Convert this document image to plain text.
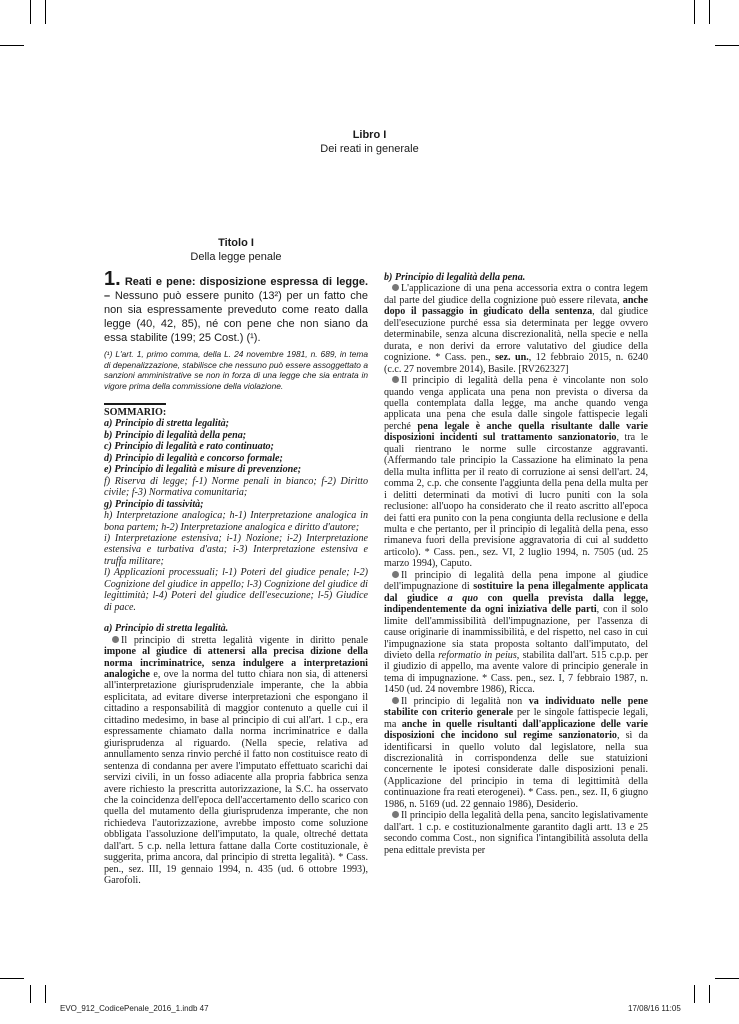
Libro I
Dei reati in generale
Titolo I
Della legge penale

1. Reati e pene: disposizione espressa di legge. – Nessuno può essere punito (13²) per un fatto che non sia espressamente preveduto come reato dalla legge (40, 42, 85), né con pene che non siano da essa stabilite (199; 25 Cost.) (¹).

(¹) L'art. 1, primo comma, della L. 24 novembre 1981, n. 689, in tema di depenalizzazione, stabilisce che nessuno può essere assoggettato a sanzioni amministrative se non in forza di una legge che sia entrata in vigore prima della commissione della violazione.

SOMMARIO:

a) Principio di stretta legalità;

b) Principio di legalità della pena;

c) Principio di legalità e rato continuato;

d) Principio di legalità e concorso formale;

e) Principio di legalità e misure di prevenzione;

f) Riserva di legge; f-1) Norme penali in bianco; f-2) Diritto civile; f-3) Normativa comunitaria;

g) Principio di tassività;

h) Interpretazione analogica; h-1) Interpretazione analogica in bona partem; h-2) Interpretazione analogica e diritto d'autore;

i) Interpretazione estensiva; i-1) Nozione; i-2) Interpretazione estensiva e turbativa d'asta; i-3) Interpretazione estensiva e truffa militare;

l) Applicazioni processuali; l-1) Poteri del giudice penale; l-2) Cognizione del giudice in appello; l-3) Cognizione del giudice di legittimità; l-4) Poteri del giudice dell'esecuzione; l-5) Giudice di pace.

a) Principio di stretta legalità.

Il principio di stretta legalità vigente in diritto penale impone al giudice di attenersi alla precisa dizione della norma incriminatrice, senza indulgere a interpretazioni analogiche e, ove la norma del tutto chiara non sia, di attenersi all'interpretazione giurisprudenziale imperante, che la abbia esplicitata, ad evitare diverse interpretazioni che espongano il cittadino a responsabilità di maggior contenuto a quelle cui il cittadino medesimo, in base al principio di cui all'art. 1 c.p., era espressamente chiamato dalla norma incriminatrice e dalla giurisprudenza al riguardo. (Nella specie, relativa ad annullamento senza rinvio perché il fatto non costituisce reato di sentenza di condanna per avere l'imputato effettuato scarichi dai servizi civili, in un fosso adiacente alla propria fabbrica senza avere richiesto la prescritta autorizzazione, la S.C. ha osservato che la coincidenza dell'epoca dell'accertamento dello scarico con quella del mutamento della giurisprudenza imperante, che non richiedeva l'autorizzazione, avrebbe imposto come soluzione obbligata l'assoluzione dell'imputato, la quale, oltreché dettata dall'art. 5 c.p. nella lettura fattane dalla Corte costituzionale, è suggerita, prima ancora, dal principio di stretta legalità). * Cass. pen., sez. III, 19 gennaio 1994, n. 435 (ud. 6 ottobre 1993), Garofoli.

b) Principio di legalità della pena.

L'applicazione di una pena accessoria extra o contra legem dal parte del giudice della cognizione può essere rilevata, anche dopo il passaggio in giudicato della sentenza, dal giudice dell'esecuzione purché essa sia determinata per legge ovvero determinabile, senza alcuna discrezionalità, nella specie e nella durata, e non derivi da errore valutativo del giudice della cognizione. * Cass. pen., sez. un., 12 febbraio 2015, n. 6240 (c.c. 27 novembre 2014), Basile. [RV262327]

Il principio di legalità della pena è vincolante non solo quando venga applicata una pena non prevista o diversa da quella contemplata dalla legge, ma anche quando venga applicata una pena che esula dalle singole fattispecie legali perché pena legale è anche quella risultante dalle varie disposizioni incidenti sul trattamento sanzionatorio, tra le quali rientrano le norme sulle circostanze aggravanti. (Affermando tale principio la Cassazione ha eliminato la pena della multa inflitta per il reato di corruzione ai sensi dell'art. 24, comma 2, c.p. che consente l'aggiunta della pena della multa per i delitti determinati da motivi di lucro puniti con la sola reclusione: all'uopo ha considerato che il reato ascritto all'epoca dei fatti era punito con la pena congiunta della reclusione e della multa e che pertanto, per il principio di legalità della pena, esso rimaneva fuori della previsione aggravatoria di cui al suddetto articolo). * Cass. pen., sez. VI, 2 luglio 1994, n. 7505 (ud. 25 marzo 1994), Caputo.

Il principio di legalità della pena impone al giudice dell'impugnazione di sostituire la pena illegalmente applicata dal giudice a quo con quella prevista dalla legge, indipendentemente da ogni iniziativa delle parti, con il solo limite dell'ammissibilità dell'impugnazione, per l'assenza di cause originarie di inammissibilità, e del rispetto, nel caso in cui l'impugnazione sia stata proposta soltanto dall'imputato, del divieto della reformatio in peius, stabilita dall'art. 515 c.p.p. per il giudizio di appello, ma avente valore di principio generale in tema di impugnazione. * Cass. pen., sez. I, 7 febbraio 1987, n. 1450 (ud. 24 novembre 1986), Ricca.

Il principio di legalità non va individuato nelle pene stabilite con criterio generale per le singole fattispecie legali, ma anche in quelle risultanti dall'applicazione delle varie disposizioni che incidono sul regime sanzionatorio, sì da identificarsi in quello voluto dal legislatore, nella sua discrezionalità in corrispondenza delle sue statuizioni concernente le ipotesi considerate dalle disposizioni penali. (Applicazione del principio in tema di legittimità della continuazione fra reati eterogenei). * Cass. pen., sez. II, 6 giugno 1986, n. 5169 (ud. 22 gennaio 1986), Desiderio.

Il principio della legalità della pena, sancito legislativamente dall'art. 1 c.p. e costituzionalmente garantito dagli artt. 13 e 25 secondo comma Cost., non significa l'intangibilità assoluta della pena edittale prevista per

EVO_912_CodicePenale_2016_1.indb 47	17/08/16 11:05
